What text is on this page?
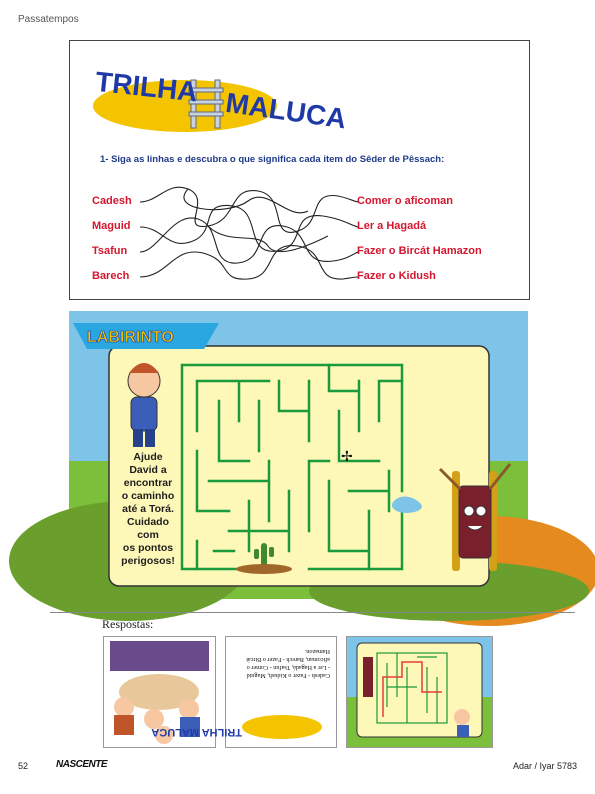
Passatempos
1- Siga as linhas e descubra o que significa cada item do Sêder de Pêssach:
Cadesh
Maguid
Tsafun
Barech
Comer o aficoman
Ler a Hagadá
Fazer o Bircát Hamazon
Fazer o Kidush
TRILHA
MALUCA
✢
LABIRINTO
Ajude
David a
encontrar
o caminho
até a Torá.
Cuidado
com
os pontos
perigosos!
Respostas:
Cadesh - Fazer o Kidush, Maguid
- Ler a Hagadá, Tsafun - Comer o
aficoman, Barech - Fazer o Bircát
Hamazon.
TRILHA MALUCA
52	NASCENTE	Adar / Iyar 5783
